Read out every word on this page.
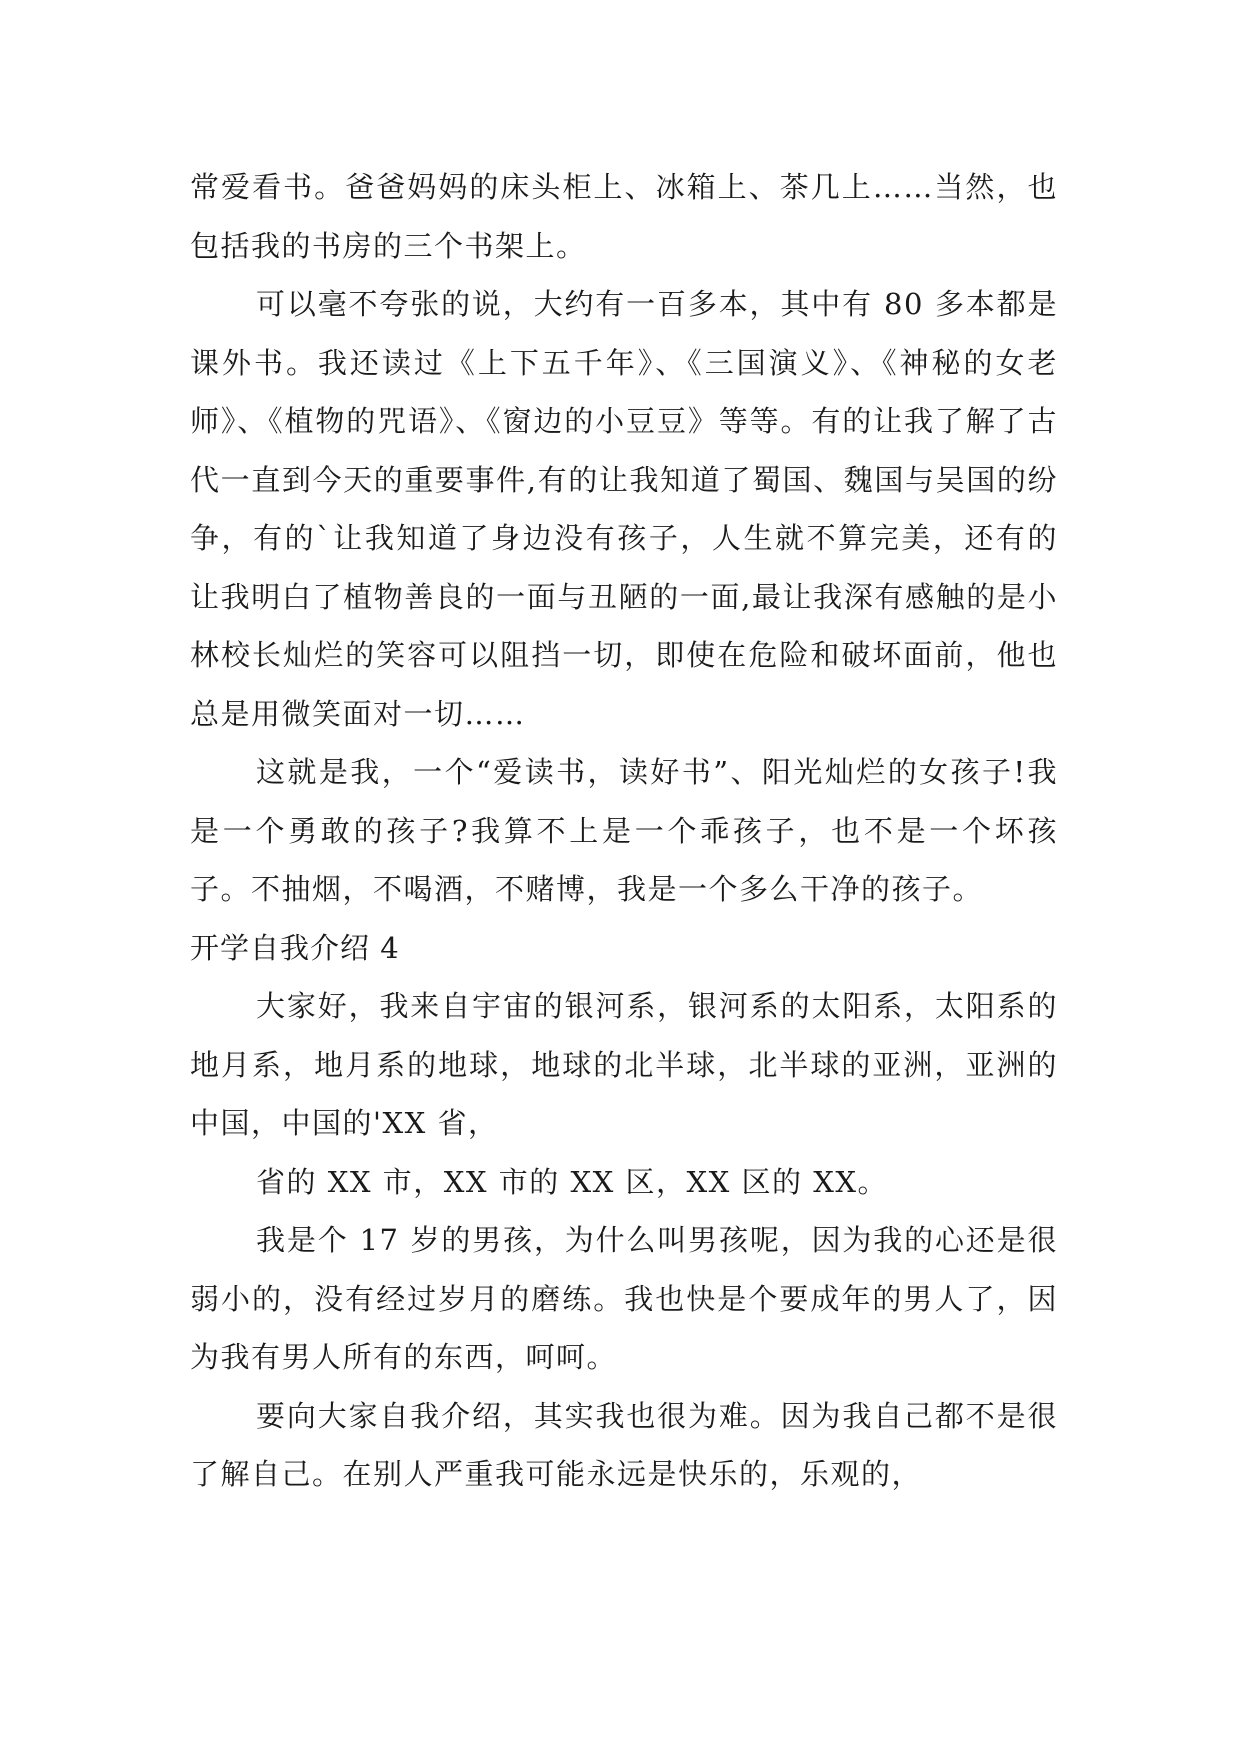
常爱看书。爸爸妈妈的床头柜上、冰箱上、茶几上……当然，也包括我的书房的三个书架上。

可以毫不夸张的说，大约有一百多本，其中有 80 多本都是课外书。我还读过《上下五千年》、《三国演义》、《神秘的女老师》、《植物的咒语》、《窗边的小豆豆》等等。有的让我了解了古代一直到今天的重要事件,有的让我知道了蜀国、魏国与吴国的纷争，有的`让我知道了身边没有孩子，人生就不算完美，还有的让我明白了植物善良的一面与丑陋的一面,最让我深有感触的是小林校长灿烂的笑容可以阻挡一切，即使在危险和破坏面前，他也总是用微笑面对一切……

这就是我，一个“爱读书，读好书”、阳光灿烂的女孩子!我是一个勇敢的孩子?我算不上是一个乖孩子，也不是一个坏孩子。不抽烟，不喝酒，不赌博，我是一个多么干净的孩子。

开学自我介绍 4

大家好，我来自宇宙的银河系，银河系的太阳系，太阳系的地月系，地月系的地球，地球的北半球，北半球的亚洲，亚洲的中国，中国的'XX 省，

省的 XX 市，XX 市的 XX 区，XX 区的 XX。

我是个 17 岁的男孩，为什么叫男孩呢，因为我的心还是很弱小的，没有经过岁月的磨练。我也快是个要成年的男人了，因为我有男人所有的东西，呵呵。

要向大家自我介绍，其实我也很为难。因为我自己都不是很了解自己。在别人严重我可能永远是快乐的，乐观的，
